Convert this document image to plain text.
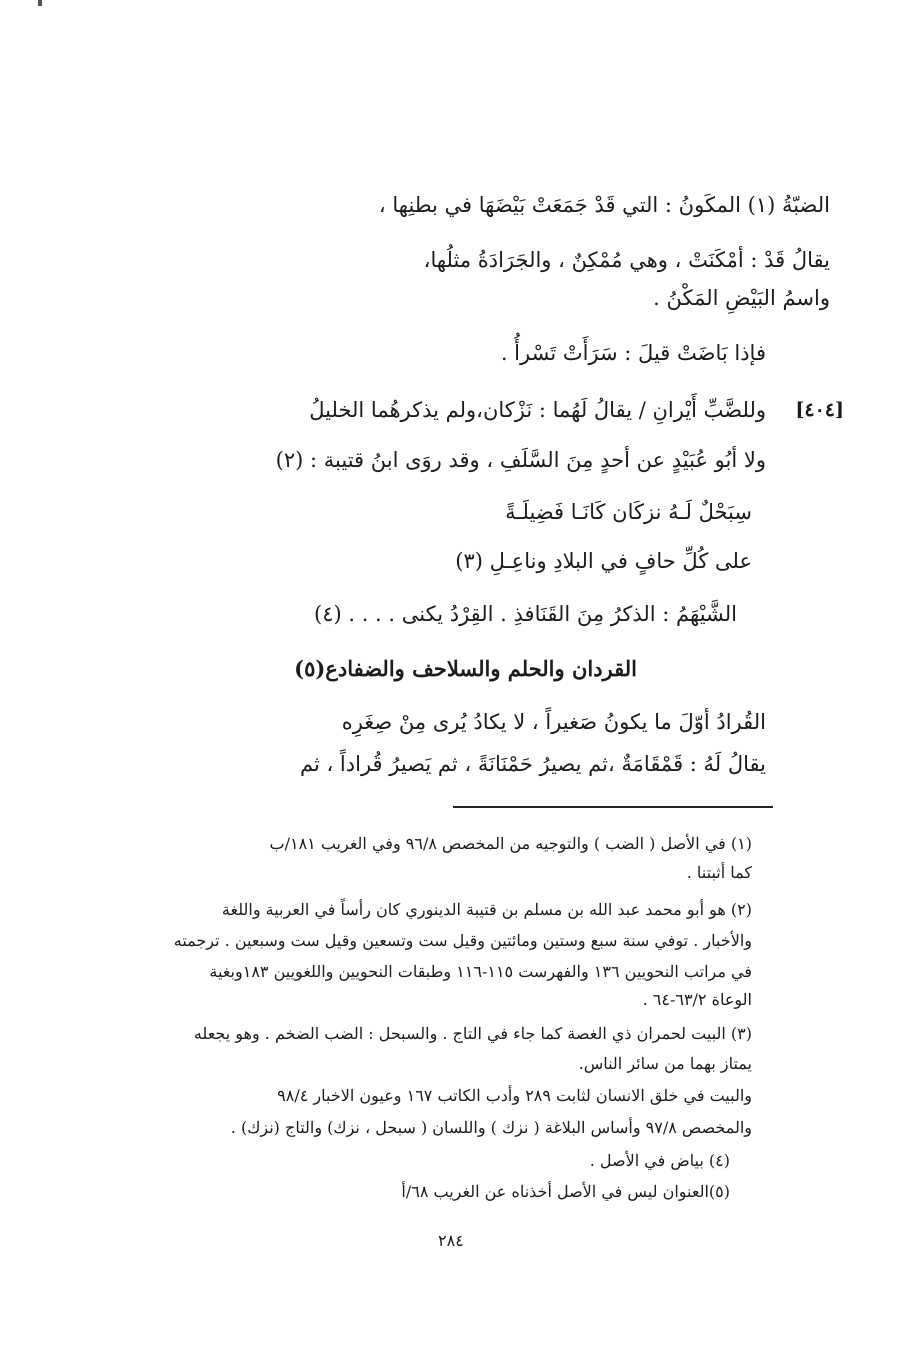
الضبّةُ (١) المكَونُ : التي قَدْ جَمَعَتْ بَيْضَهَا في بطنِها ،
يقالُ قَدْ : أمْكَنَتْ ، وهي مُمْكِنٌ ، والجَرَادَةُ مثلُها،
واسمُ البَيْضِ المَكْنُ .
فإذا بَاضَتْ قيلَ : سَرَأَتْ تَسْرأُ .
[٤٠٤]
وللضَّبِّ أَيْرانِ / يقالُ لَهُما : نَزْكان،ولم يذكرهُما الخليلُ
ولا أبُو عُبَيْدٍ عن أحدٍ مِنَ السَّلَفِ ، وقد روَى ابنُ قتيبة : (٢)
سِبَحْلٌ لَـهُ نزكَان كَانَـا فَضِيلَـةً
على كُلِّ حافٍ في البلادِ وناعِـلِ (٣)
الشَّيْهَمُ : الذكرُ مِنَ القَنَافذِ . القِرْدُ يكنى . . . . (٤)
القردان والحلم والسلاحف والضفادع(٥)
القُرادُ أوّلَ ما يكونُ صَغيراً ، لا يكادُ يُرى مِنْ صِغَرِه
يقالُ لَهُ : قَمْقَامَةٌ ،ثم يصيرُ حَمْنَانَةً ، ثم يَصيرُ قُراداً ، ثم
(١) في الأصل ( الضب ) والتوجيه من المخصص ٩٦/٨ وفي الغريب ١٨١/ب
كما أثبتنا .
(٢) هو أبو محمد عبد الله بن مسلم بن قتيبة الدينوري كان رأساً في العربية واللغة
والأخبار . توفي سنة سبع وستين ومائتين وقيل ست وتسعين وقيل ست وسبعين . ترجمته
في مراتب النحويين ١٣٦ والفهرست ١١٥-١١٦ وطبقات النحويين واللغويين ١٨٣وبغية
الوعاة ٦٣/٢-٦٤ .
(٣) البيت لحمران ذي الغصة كما جاء في التاج . والسبحل : الضب الضخم . وهو يجعله
يمتاز بهما من سائر الناس.
والبيت في خلق الانسان لثابت ٢٨٩ وأدب الكاتب ١٦٧ وعيون الاخبار ٩٨/٤
والمخصص ٩٧/٨ وأساس البلاغة ( نزك ) واللسان ( سبحل ، نزك) والتاج (نزك) .
(٤) بياض في الأصل .
(٥)العنوان ليس في الأصل أخذناه عن الغريب ٦٨/أ
٢٨٤
